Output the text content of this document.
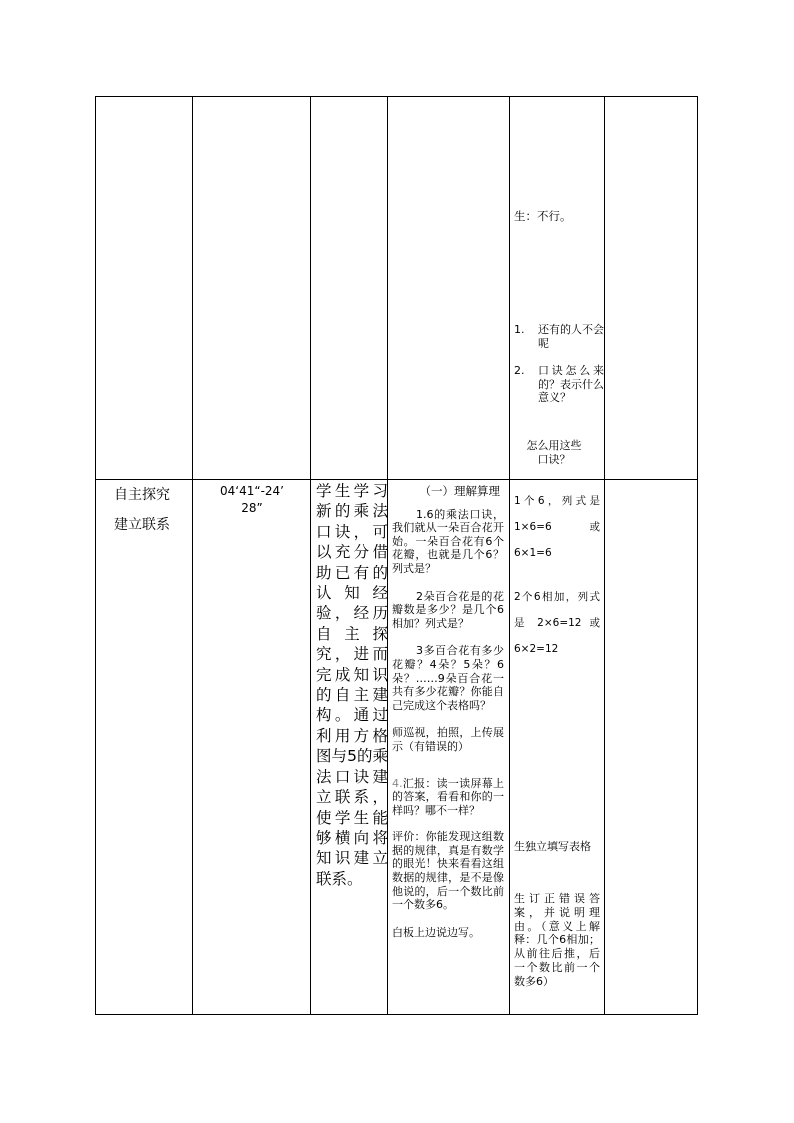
生：不行。
1.	还有的人不会呢
2.	口诀怎么来的？表示什么意义？
怎么用这些口诀？
自主探究
建立联系
04‘41“-24’
28”
学生学习新的乘法口诀，可以充分借助已有的认知经验，经历自主探究，进而完成知识的自主建构。通过利用方格图与5的乘法口诀建立联系，使学生能够横向将知识建立联系。
（一）理解算理
1.6的乘法口诀，我们就从一朵百合花开始。一朵百合花有6个花瓣，也就是几个6？列式是？
2朵百合花是的花瓣数是多少？是几个6相加？列式是？
3多百合花有多少花瓣？4朵？5朵？6朵？……9朵百合花一共有多少花瓣？你能自己完成这个表格吗？
师巡视，拍照，上传展示（有错误的）
4.汇报：读一读屏幕上的答案，看看和你的一样吗？哪不一样？
评价：你能发现这组数据的规律，真是有数学的眼光！快来看看这组数据的规律，是不是像他说的，后一个数比前一个数多6。
白板上边说边写。
1个6，列式是1×6=6 或 6×1=6
2个6相加，列式是 2×6=12 或 6×2=12
生独立填写表格
生订正错误答案，并说明理由。（意义上解释：几个6相加；从前往后推，后一个数比前一个数多6）
